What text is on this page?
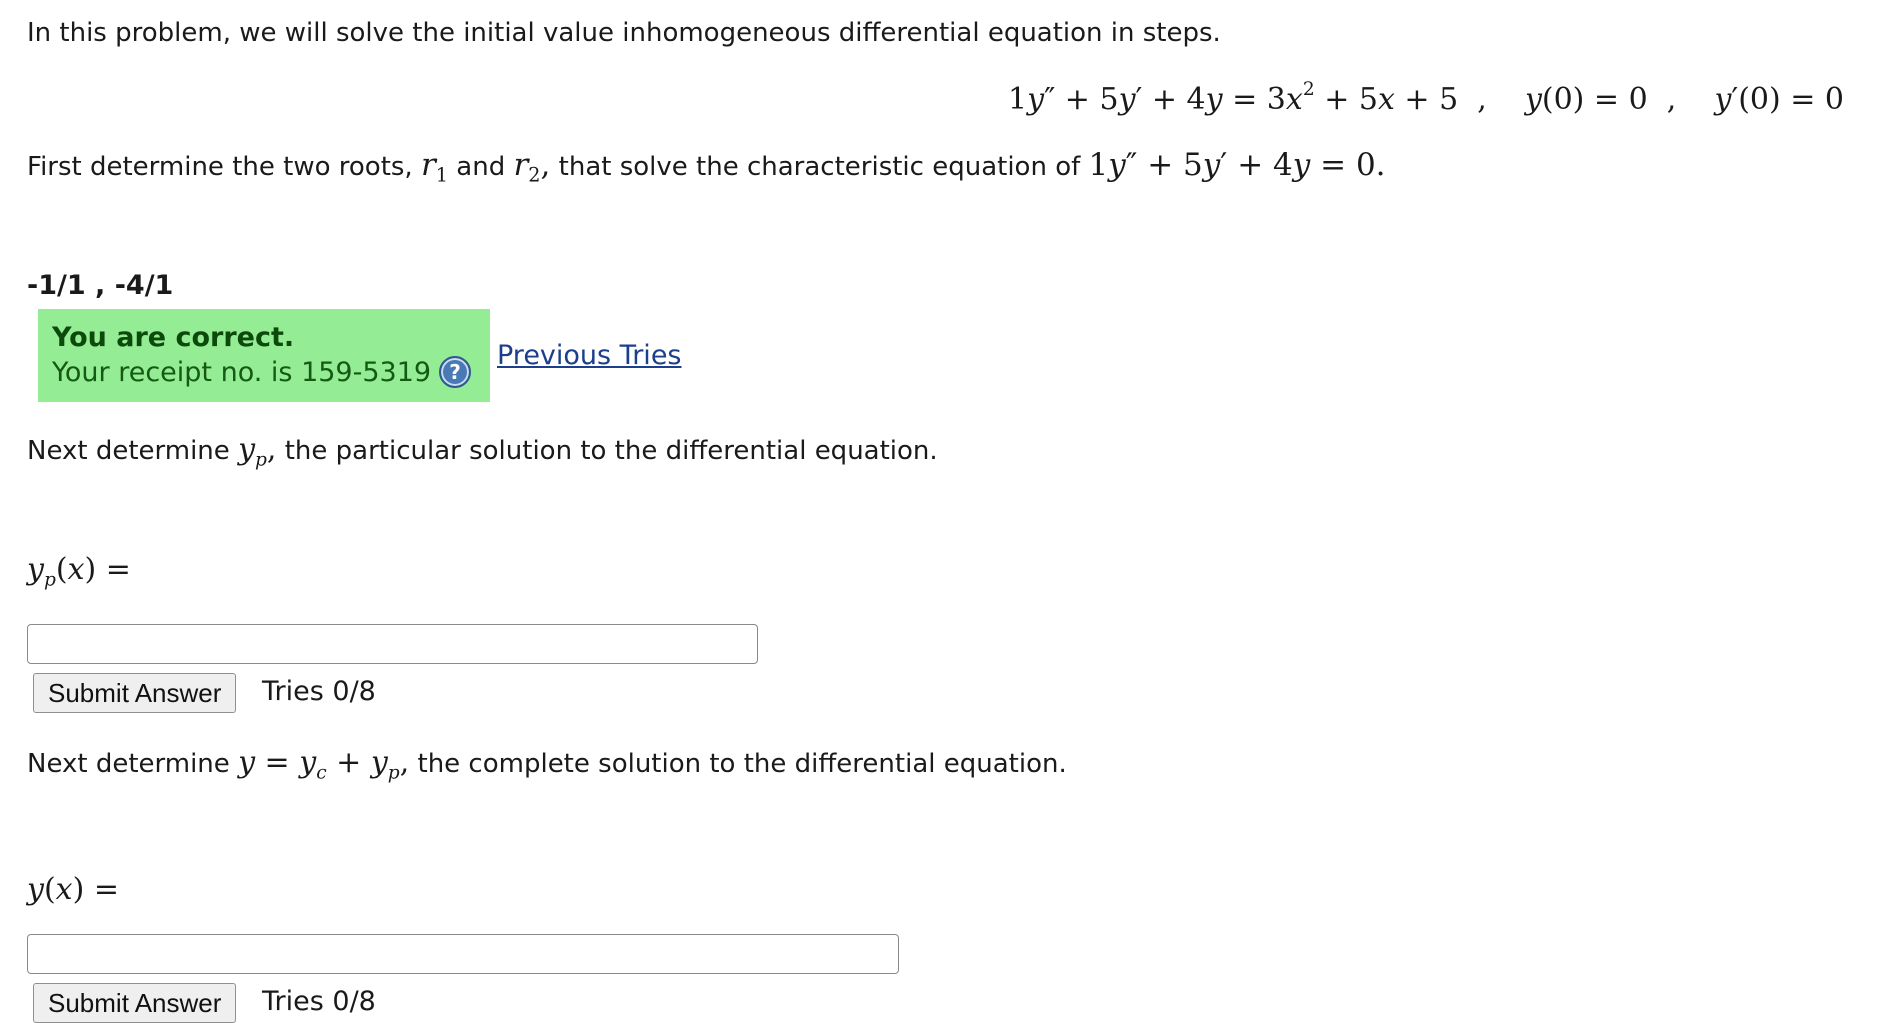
In this problem, we will solve the initial value inhomogeneous differential equation in steps.
$1y'' + 5y' + 4y = 3x^2 + 5x + 5$  ,    y(0) = 0  ,    y′(0) = 0
First determine the two roots, $r_1$ and $r_2$, that solve the characteristic equation of 1y″ + 5y′ + 4y = 0.
-1/1 , -4/1
You are correct.
Your receipt no. is 159-5319 ?
Previous Tries
Next determine $y_p$, the particular solution to the differential equation.
$y_p(x)$ =
Submit Answer	Tries 0/8
Next determine $y = y_c + y_p$, the complete solution to the differential equation.
y(x) =
Submit Answer	Tries 0/8
